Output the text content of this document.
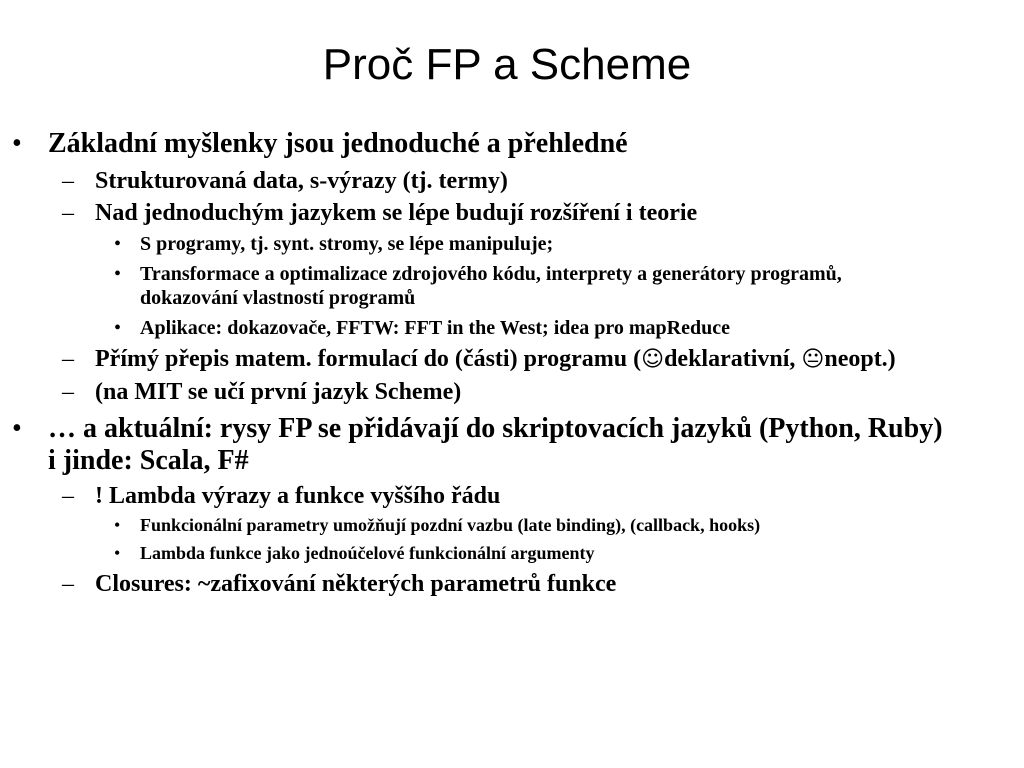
Proč FP a Scheme
• Základní myšlenky jsou jednoduché a přehledné
– Strukturovaná data, s-výrazy (tj. termy)
– Nad jednoduchým jazykem se lépe budují rozšíření i teorie
• S programy, tj. synt. stromy, se lépe manipuluje;
• Transformace a optimalizace zdrojového kódu, interprety a generátory programů, dokazování vlastností programů
• Aplikace: dokazovače, FFTW: FFT in the West; idea pro mapReduce
– Přímý přepis matem. formulací do (části) programu (☺deklarativní, 😐neopt.)
– (na MIT se učí první jazyk Scheme)
• … a aktuální: rysy FP se přidávají do skriptovacích jazyků (Python, Ruby) i jinde: Scala, F#
– ! Lambda výrazy a funkce vyššího řádu
• Funkcionální parametry umožňují pozdní vazbu (late binding), (callback, hooks)
• Lambda funkce jako jednoúčelové funkcionální argumenty
– Closures: ~zafixování některých parametrů funkce
